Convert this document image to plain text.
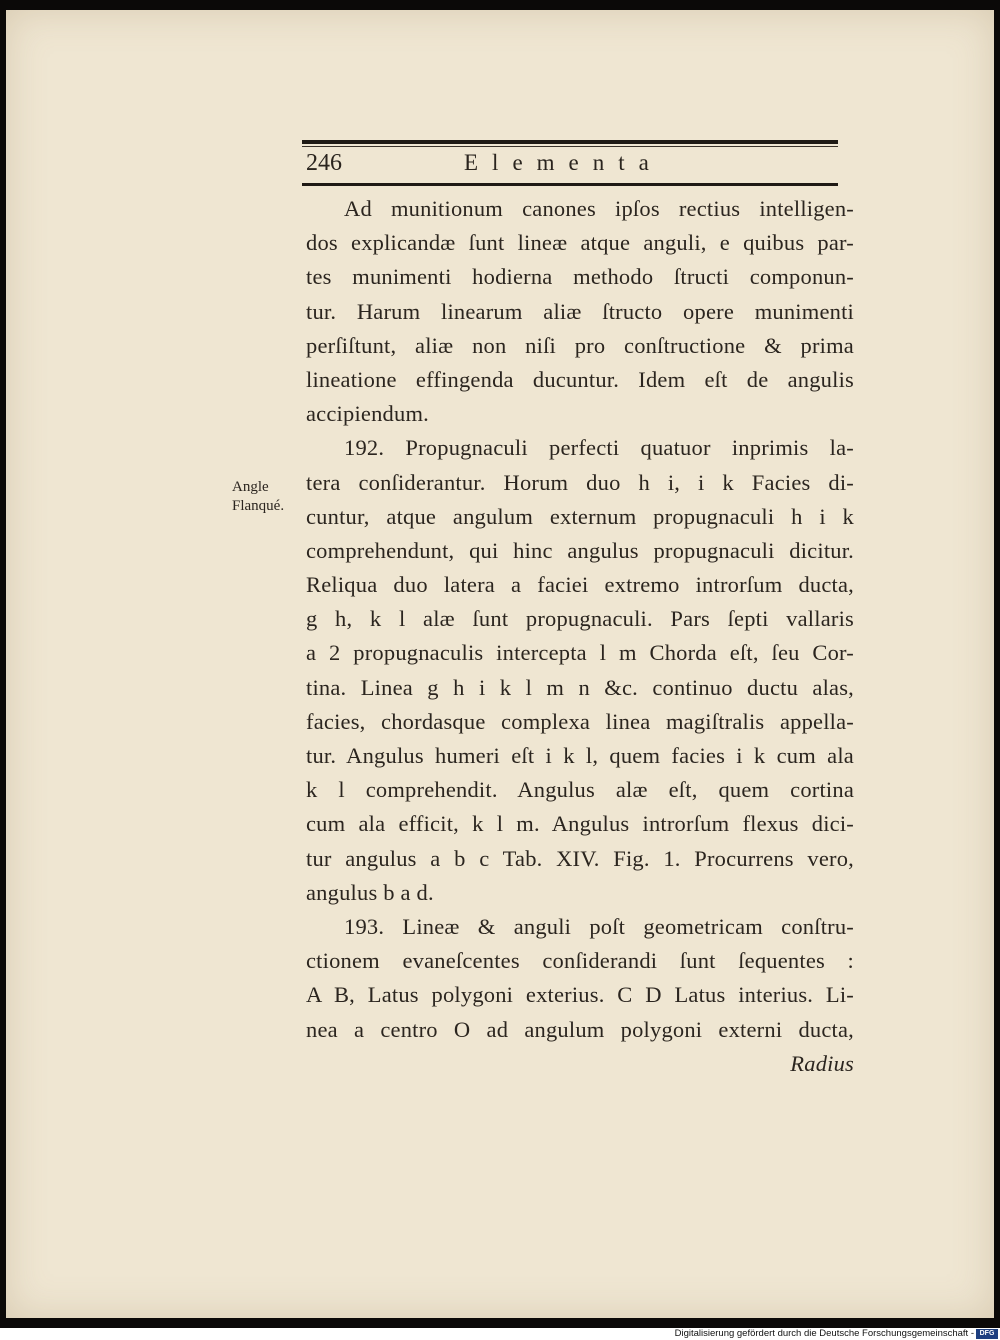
246	Elementa
Angle
Flanqué.
Ad munitionum canones ipſos rectius intelligen-
dos explicandæ ſunt lineæ atque anguli, e quibus par-
tes munimenti hodierna methodo ſtructi componun-
tur. Harum linearum aliæ ſtructo opere munimenti
perſiſtunt, aliæ non niſi pro conſtructione & prima
lineatione effingenda ducuntur. Idem eſt de angulis
accipiendum.
192. Propugnaculi perfecti quatuor inprimis la-
tera conſiderantur. Horum duo h i, i k Facies di-
cuntur, atque angulum externum propugnaculi h i k
comprehendunt, qui hinc angulus propugnaculi dicitur.
Reliqua duo latera a faciei extremo introrſum ducta,
g h, k l alæ ſunt propugnaculi. Pars ſepti vallaris
a 2 propugnaculis intercepta l m Chorda eſt, ſeu Cor-
tina. Linea g h i k l m n &c. continuo ductu alas,
facies, chordasque complexa linea magiſtralis appella-
tur. Angulus humeri eſt i k l, quem facies i k cum ala
k l comprehendit. Angulus alæ eſt, quem cortina
cum ala efficit, k l m. Angulus introrſum flexus dici-
tur angulus a b c Tab. XIV. Fig. 1. Procurrens vero,
angulus b a d.
193. Lineæ & anguli poſt geometricam conſtru-
ctionem evaneſcentes conſiderandi ſunt ſequentes :
A B, Latus polygoni exterius. C D Latus interius. Li-
nea a centro O ad angulum polygoni externi ducta,
Radius
Digitalisierung gefördert durch die Deutsche Forschungsgemeinschaft - DFG
